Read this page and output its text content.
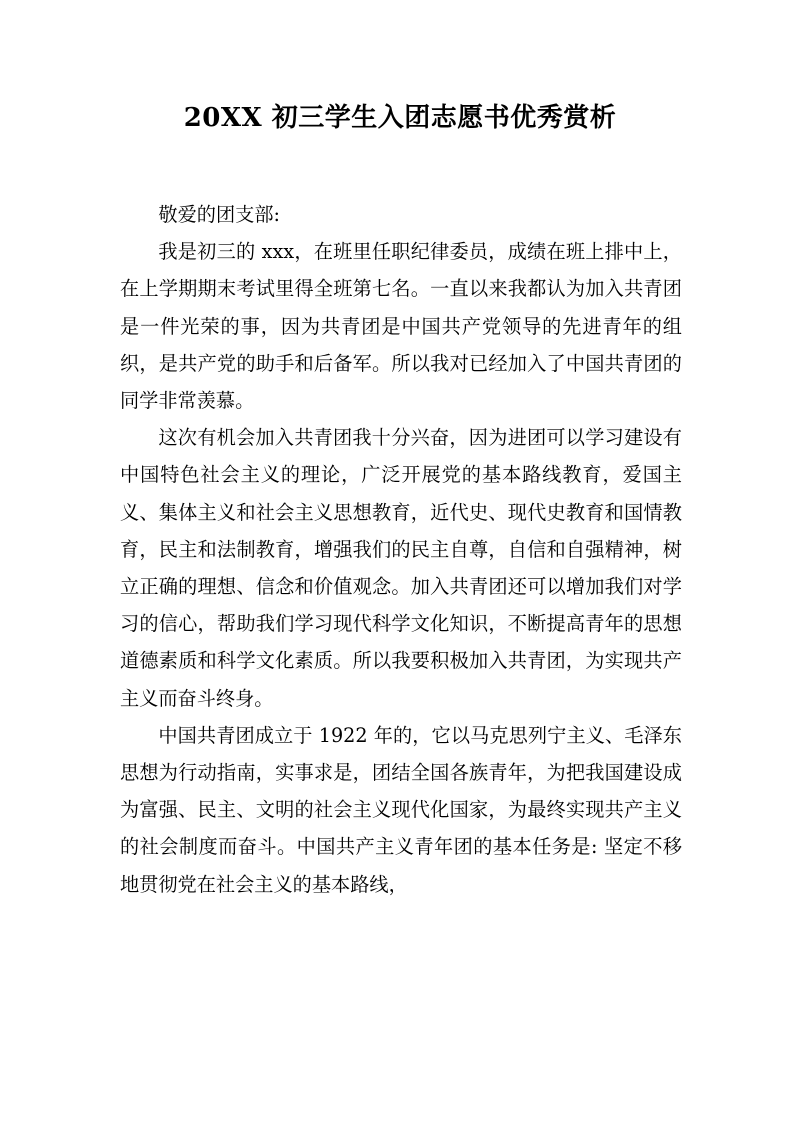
20XX 初三学生入团志愿书优秀赏析
敬爱的团支部:

我是初三的 xxx，在班里任职纪律委员，成绩在班上排中上，在上学期期末考试里得全班第七名。一直以来我都认为加入共青团是一件光荣的事，因为共青团是中国共产党领导的先进青年的组织，是共产党的助手和后备军。所以我对已经加入了中国共青团的同学非常羡慕。

这次有机会加入共青团我十分兴奋，因为进团可以学习建设有中国特色社会主义的理论，广泛开展党的基本路线教育，爱国主义、集体主义和社会主义思想教育，近代史、现代史教育和国情教育，民主和法制教育，增强我们的民主自尊，自信和自强精神，树立正确的理想、信念和价值观念。加入共青团还可以增加我们对学习的信心，帮助我们学习现代科学文化知识，不断提高青年的思想道德素质和科学文化素质。所以我要积极加入共青团，为实现共产主义而奋斗终身。

中国共青团成立于 1922 年的，它以马克思列宁主义、毛泽东思想为行动指南，实事求是，团结全国各族青年，为把我国建设成为富强、民主、文明的社会主义现代化国家，为最终实现共产主义的社会制度而奋斗。中国共产主义青年团的基本任务是: 坚定不移地贯彻党在社会主义的基本路线，
